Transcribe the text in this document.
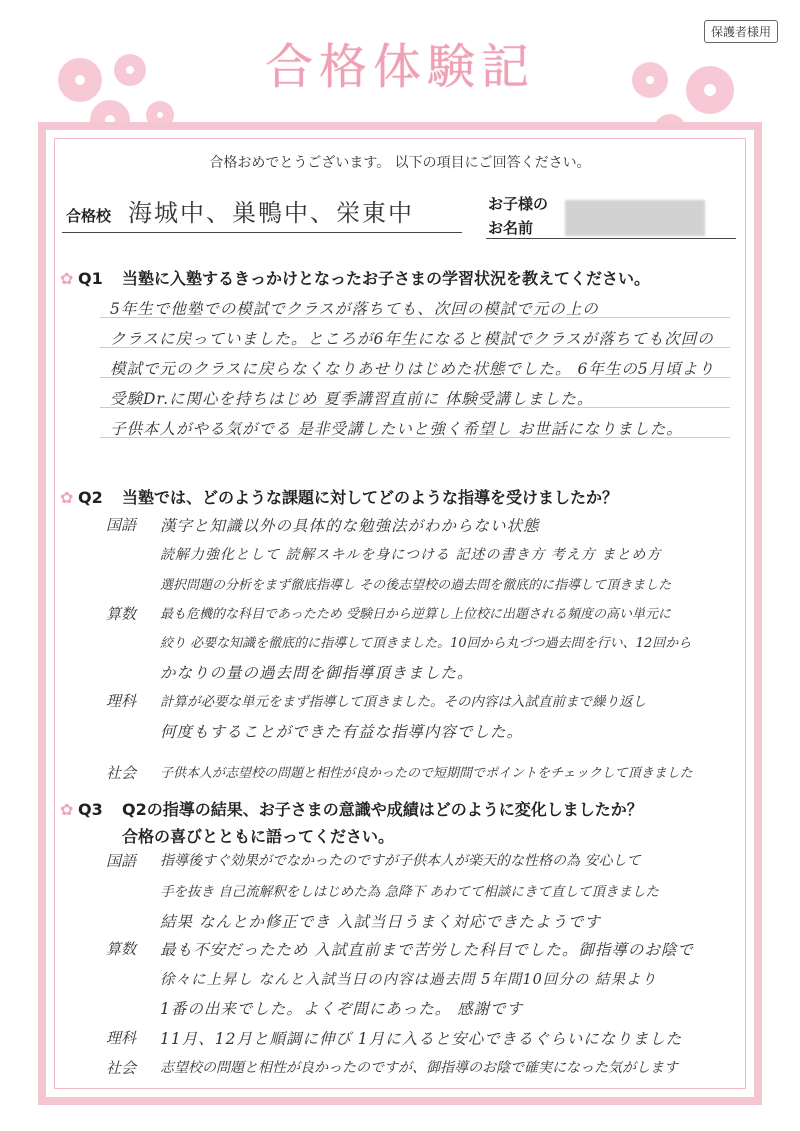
保護者様用
合格体験記
合格おめでとうございます。 以下の項目にご回答ください。
合格校 海城中、巣鴨中、栄東中	お子様の
お名前
✿ Q1 当塾に入塾するきっかけとなったお子さまの学習状況を教えてください。
5年生で他塾での模試でクラスが落ちても、次回の模試で元の上の
クラスに戻っていました。ところが6年生になると模試でクラスが落ちても次回の
模試で元のクラスに戻らなくなりあせりはじめた状態でした。 6年生の5月頃より
受験Dr.に関心を持ちはじめ 夏季講習直前に 体験受講しました。
子供本人がやる気がでる 是非受講したいと強く希望し お世話になりました。
✿ Q2 当塾では、どのような課題に対してどのような指導を受けましたか？
国語
算数
理科
社会
漢字と知識以外の具体的な勉強法がわからない状態
読解力強化として 読解スキルを身につける 記述の書き方 考え方 まとめ方
選択問題の分析をまず徹底指導し その後志望校の過去問を徹底的に指導して頂きました
最も危機的な科目であったため 受験日から逆算し上位校に出題される頻度の高い単元に
絞り 必要な知識を徹底的に指導して頂きました。10回から丸づつ過去問を行い、12回から
かなりの量の過去問を御指導頂きました。
計算が必要な単元をまず指導して頂きました。その内容は入試直前まで繰り返し
何度もすることができた有益な指導内容でした。
子供本人が志望校の問題と相性が良かったので短期間でポイントをチェックして頂きました
✿ Q3 Q2の指導の結果、お子さまの意識や成績はどのように変化しましたか？
合格の喜びとともに語ってください。
国語
算数
理科
社会
指導後すぐ効果がでなかったのですが子供本人が楽天的な性格の為 安心して
手を抜き 自己流解釈をしはじめた為 急降下 あわてて相談にきて直して頂きました
結果 なんとか修正でき 入試当日うまく対応できたようです
最も不安だったため 入試直前まで苦労した科目でした。御指導のお陰で
徐々に上昇し なんと入試当日の内容は過去問 5年間10回分の 結果より
1番の出来でした。よくぞ間にあった。 感謝です
11月、12月と順調に伸び 1月に入ると安心できるぐらいになりました
志望校の問題と相性が良かったのですが、御指導のお陰で確実になった気がします
